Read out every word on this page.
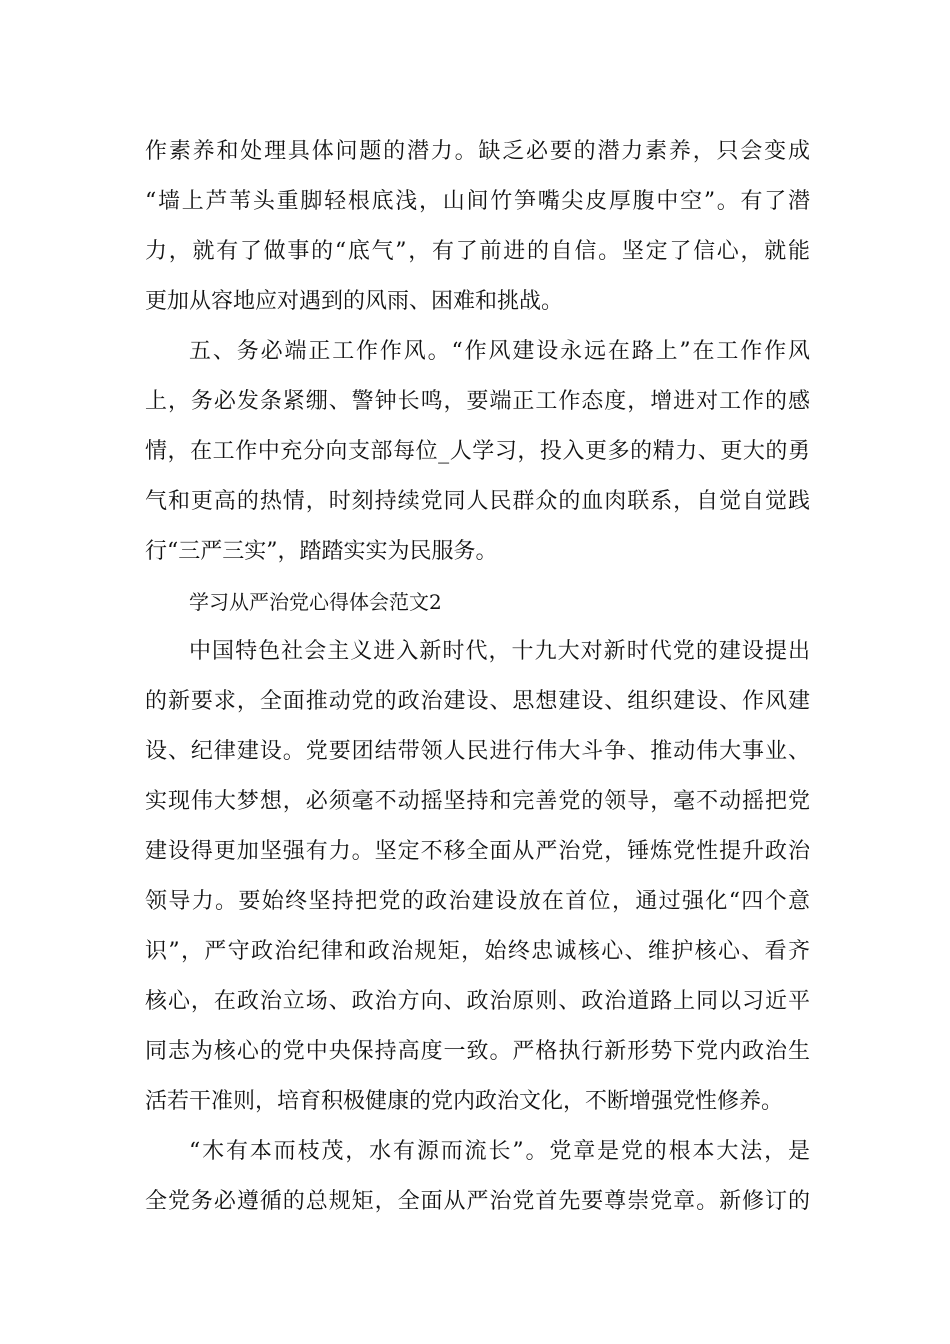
作素养和处理具体问题的潜力。缺乏必要的潜力素养，只会变成
“墙上芦苇头重脚轻根底浅，山间竹笋嘴尖皮厚腹中空”。有了潜
力，就有了做事的“底气”，有了前进的自信。坚定了信心，就能
更加从容地应对遇到的风雨、困难和挑战。
五、务必端正工作作风。“作风建设永远在路上”在工作作风
上，务必发条紧绷、警钟长鸣，要端正工作态度，增进对工作的感
情，在工作中充分向支部每位_人学习，投入更多的精力、更大的勇
气和更高的热情，时刻持续党同人民群众的血肉联系，自觉自觉践
行“三严三实”，踏踏实实为民服务。
学习从严治党心得体会范文2
中国特色社会主义进入新时代，十九大对新时代党的建设提出
的新要求，全面推动党的政治建设、思想建设、组织建设、作风建
设、纪律建设。党要团结带领人民进行伟大斗争、推动伟大事业、
实现伟大梦想，必须毫不动摇坚持和完善党的领导，毫不动摇把党
建设得更加坚强有力。坚定不移全面从严治党，锤炼党性提升政治
领导力。要始终坚持把党的政治建设放在首位，通过强化“四个意
识”，严守政治纪律和政治规矩，始终忠诚核心、维护核心、看齐
核心，在政治立场、政治方向、政治原则、政治道路上同以习近平
同志为核心的党中央保持高度一致。严格执行新形势下党内政治生
活若干准则，培育积极健康的党内政治文化，不断增强党性修养。
“木有本而枝茂，水有源而流长”。党章是党的根本大法，是
全党务必遵循的总规矩，全面从严治党首先要尊崇党章。新修订的
